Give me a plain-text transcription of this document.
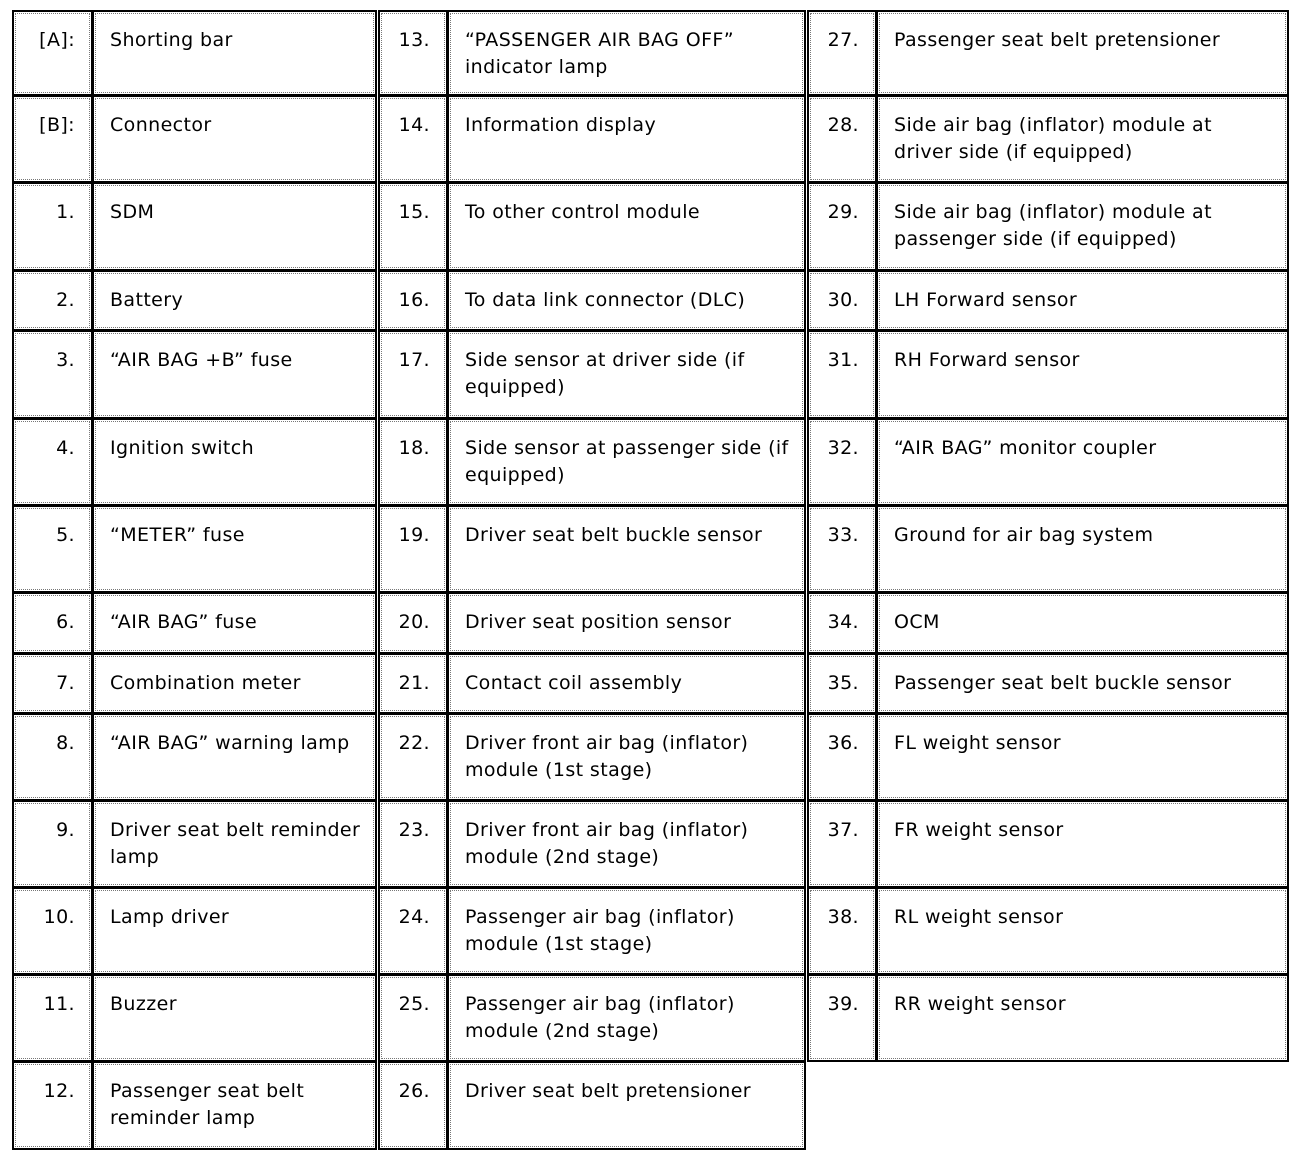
[A]:	Shorting bar
[B]:	Connector
1.	SDM
2.	Battery
3.	“AIR BAG +B” fuse
4.	Ignition switch
5.	“METER” fuse
6.	“AIR BAG” fuse
7.	Combination meter
8.	“AIR BAG” warning lamp
9.	Driver seat belt reminder lamp
10.	Lamp driver
11.	Buzzer
12.	Passenger seat belt reminder lamp
13.	“PASSENGER AIR BAG OFF” indicator lamp
14.	Information display
15.	To other control module
16.	To data link connector (DLC)
17.	Side sensor at driver side (if equipped)
18.	Side sensor at passenger side (if equipped)
19.	Driver seat belt buckle sensor
20.	Driver seat position sensor
21.	Contact coil assembly
22.	Driver front air bag (inflator) module (1st stage)
23.	Driver front air bag (inflator) module (2nd stage)
24.	Passenger air bag (inflator) module (1st stage)
25.	Passenger air bag (inflator) module (2nd stage)
26.	Driver seat belt pretensioner
27.	Passenger seat belt pretensioner
28.	Side air bag (inflator) module at driver side (if equipped)
29.	Side air bag (inflator) module at passenger side (if equipped)
30.	LH Forward sensor
31.	RH Forward sensor
32.	“AIR BAG” monitor coupler
33.	Ground for air bag system
34.	OCM
35.	Passenger seat belt buckle sensor
36.	FL weight sensor
37.	FR weight sensor
38.	RL weight sensor
39.	RR weight sensor
